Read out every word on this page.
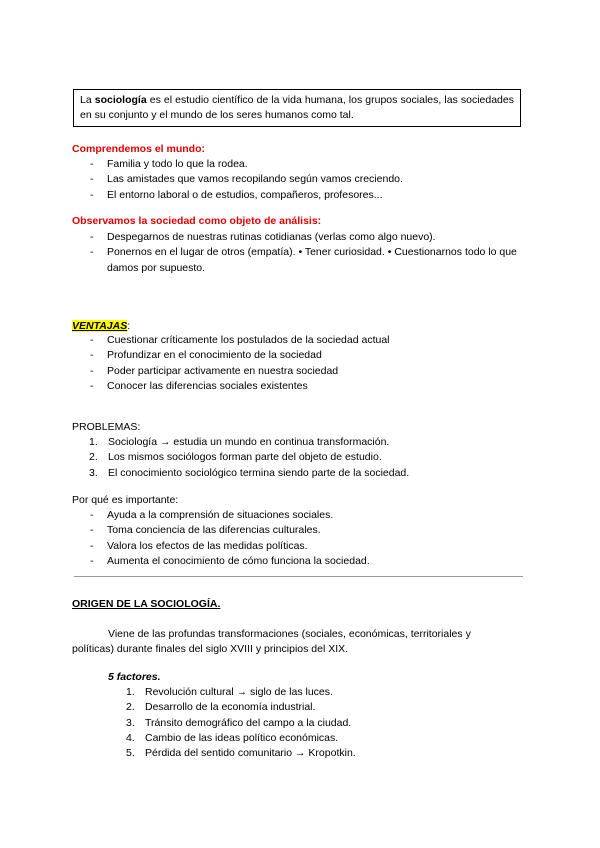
La sociología es el estudio científico de la vida humana, los grupos sociales, las sociedades en su conjunto y el mundo de los seres humanos como tal.
Comprendemos el mundo:
- Familia y todo lo que la rodea.
- Las amistades que vamos recopilando según vamos creciendo.
- El entorno laboral o de estudios, compañeros, profesores...
Observamos la sociedad como objeto de análisis:
- Despegarnos de nuestras rutinas cotidianas (verlas como algo nuevo).
- Ponernos en el lugar de otros (empatía). • Tener curiosidad. • Cuestionarnos todo lo que damos por supuesto.
VENTAJAS:
- Cuestionar críticamente los postulados de la sociedad actual
- Profundizar en el conocimiento de la sociedad
- Poder participar activamente en nuestra sociedad
- Conocer las diferencias sociales existentes
PROBLEMAS:
1. Sociología → estudia un mundo en continua transformación.
2. Los mismos sociólogos forman parte del objeto de estudio.
3. El conocimiento sociológico termina siendo parte de la sociedad.
Por qué es importante:
- Ayuda a la comprensión de situaciones sociales.
- Toma conciencia de las diferencias culturales.
- Valora los efectos de las medidas políticas.
- Aumenta el conocimiento de cómo funciona la sociedad.
ORIGEN DE LA SOCIOLOGÍA.
Viene de las profundas transformaciones (sociales, económicas, territoriales y
políticas) durante finales del siglo XVIII y principios del XIX.
5 factores.
1. Revolución cultural → siglo de las luces.
2. Desarrollo de la economía industrial.
3. Tránsito demográfico del campo a la ciudad.
4. Cambio de las ideas político económicas.
5. Pérdida del sentido comunitario → Kropotkin.
